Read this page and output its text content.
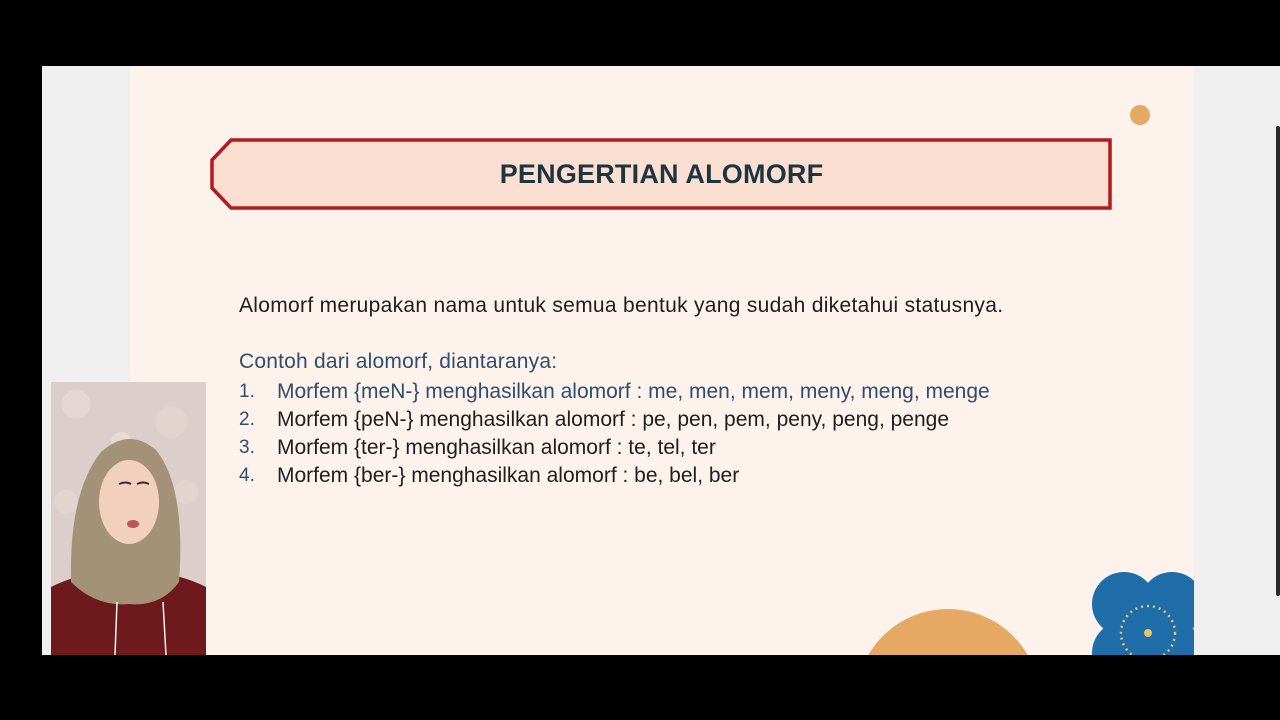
PENGERTIAN ALOMORF
Alomorf merupakan nama untuk semua bentuk yang sudah diketahui statusnya.
Contoh dari alomorf, diantaranya:
1.	Morfem {meN-} menghasilkan alomorf : me, men, mem, meny, meng, menge
2.	Morfem {peN-} menghasilkan alomorf : pe, pen, pem, peny, peng, penge
3.	Morfem {ter-} menghasilkan alomorf : te, tel, ter
4.	Morfem {ber-} menghasilkan alomorf : be, bel, ber
